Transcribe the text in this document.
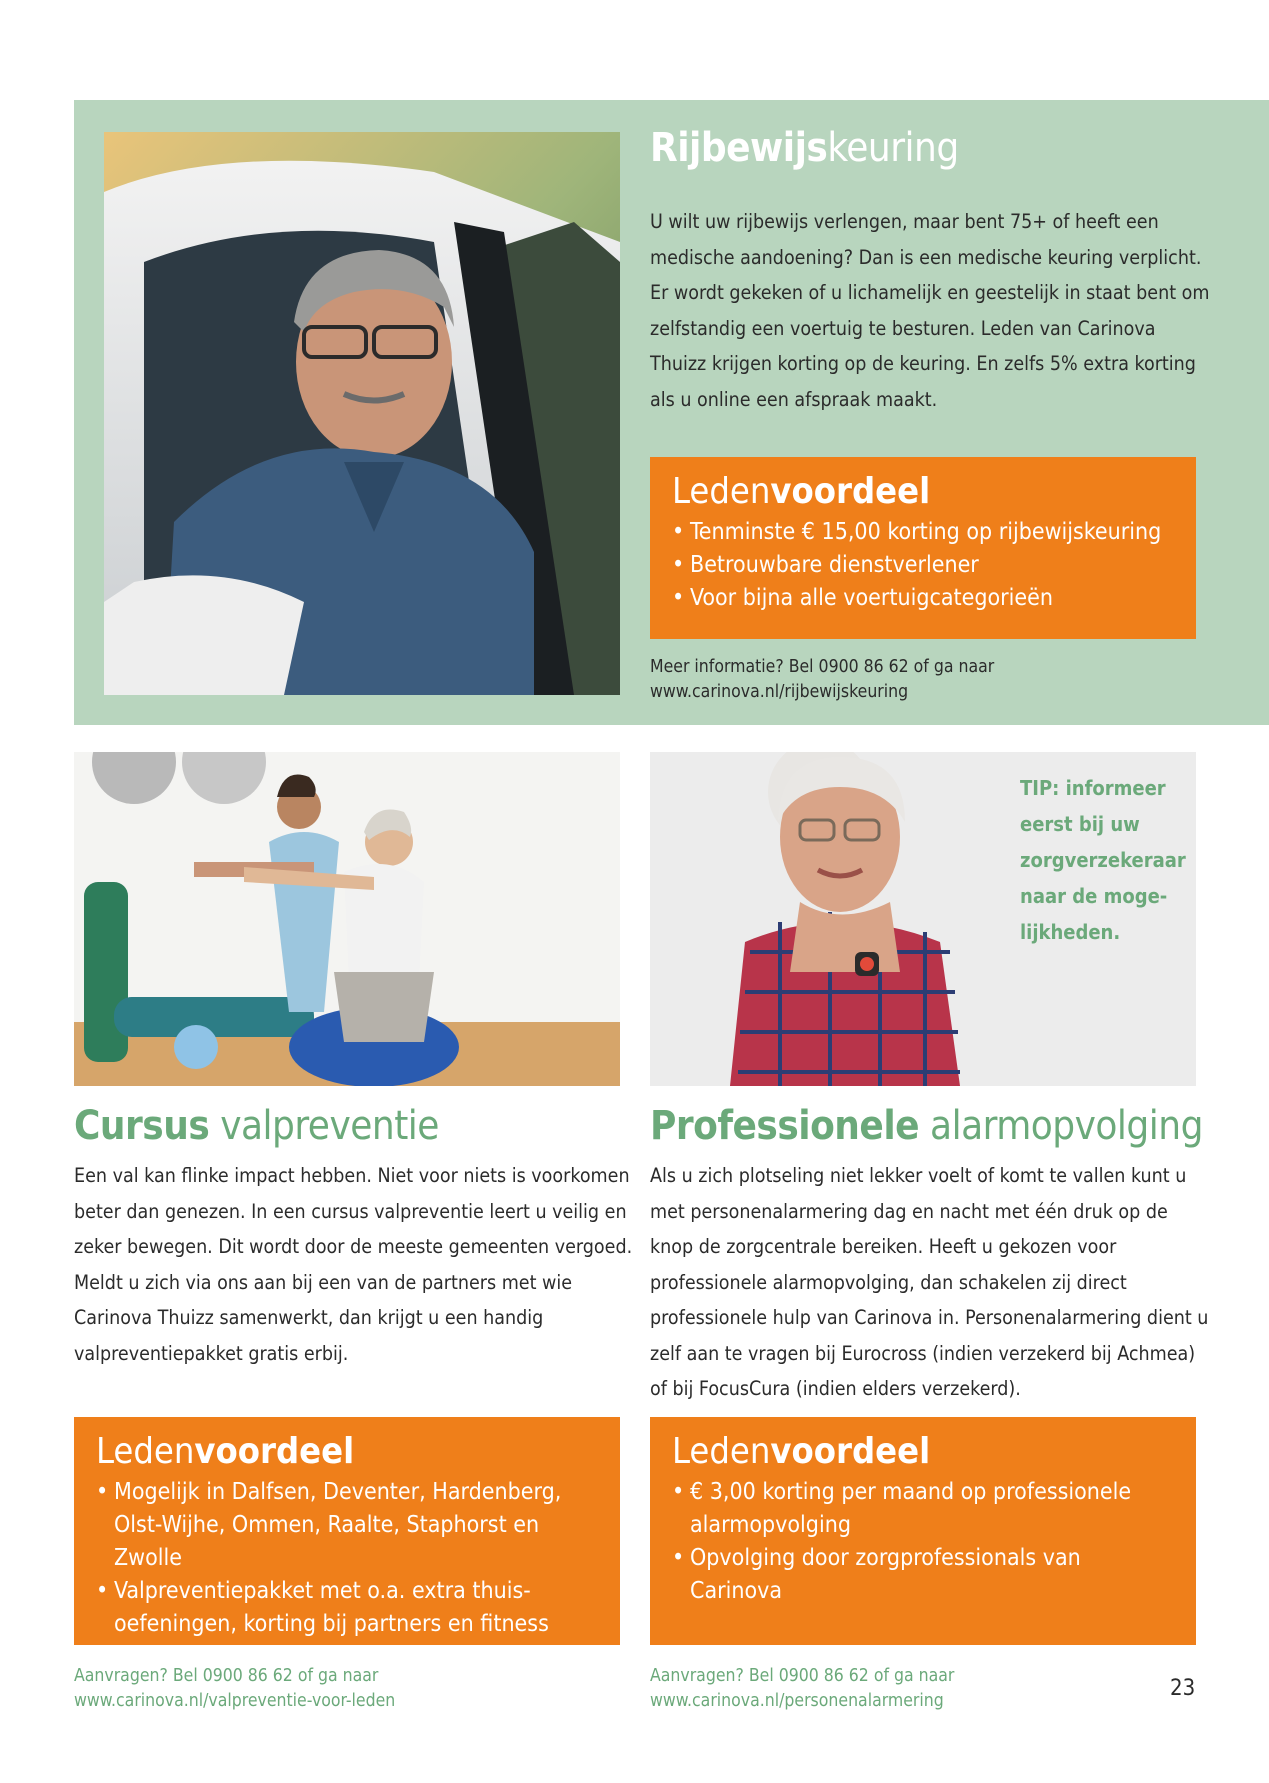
Rijbewijskeuring

U wilt uw rijbewijs verlengen, maar bent 75+ of heeft een medische aandoening? Dan is een medische keuring verplicht. Er wordt gekeken of u lichamelijk en geestelijk in staat bent om zelfstandig een voertuig te besturen. Leden van Carinova Thuizz krijgen korting op de keuring. En zelfs 5% extra korting als u online een afspraak maakt.

Ledenvoordeel
• Tenminste € 15,00 korting op rijbewijskeuring
• Betrouwbare dienstverlener
• Voor bijna alle voertuigcategorieën
Meer informatie? Bel 0900 86 62 of ga naar
www.carinova.nl/rijbewijskeuring
Cursus valpreventie

Een val kan flinke impact hebben. Niet voor niets is voorkomen beter dan genezen. In een cursus valpreventie leert u veilig en zeker bewegen. Dit wordt door de meeste gemeenten vergoed. Meldt u zich via ons aan bij een van de partners met wie Carinova Thuizz samenwerkt, dan krijgt u een handig valpreventiepakket gratis erbij.

Ledenvoordeel
• Mogelijk in Dalfsen, Deventer, Hardenberg, Olst-Wijhe, Ommen, Raalte, Staphorst en Zwolle
• Valpreventiepakket met o.a. extra thuisoefeningen, korting bij partners en fitness elastiek
Aanvragen? Bel 0900 86 62 of ga naar
www.carinova.nl/valpreventie-voor-leden
TIP: informeer eerst bij uw zorgverzekeraar naar de mogelijkheden.
Professionele alarmopvolging

Als u zich plotseling niet lekker voelt of komt te vallen kunt u met personenalarmering dag en nacht met één druk op de knop de zorgcentrale bereiken. Heeft u gekozen voor professionele alarmopvolging, dan schakelen zij direct professionele hulp van Carinova in. Personenalarmering dient u zelf aan te vragen bij Eurocross (indien verzekerd bij Achmea) of bij FocusCura (indien elders verzekerd).

Ledenvoordeel
• € 3,00 korting per maand op professionele alarmopvolging
• Opvolging door zorgprofessionals van Carinova
Aanvragen? Bel 0900 86 62 of ga naar
www.carinova.nl/personenalarmering	23
